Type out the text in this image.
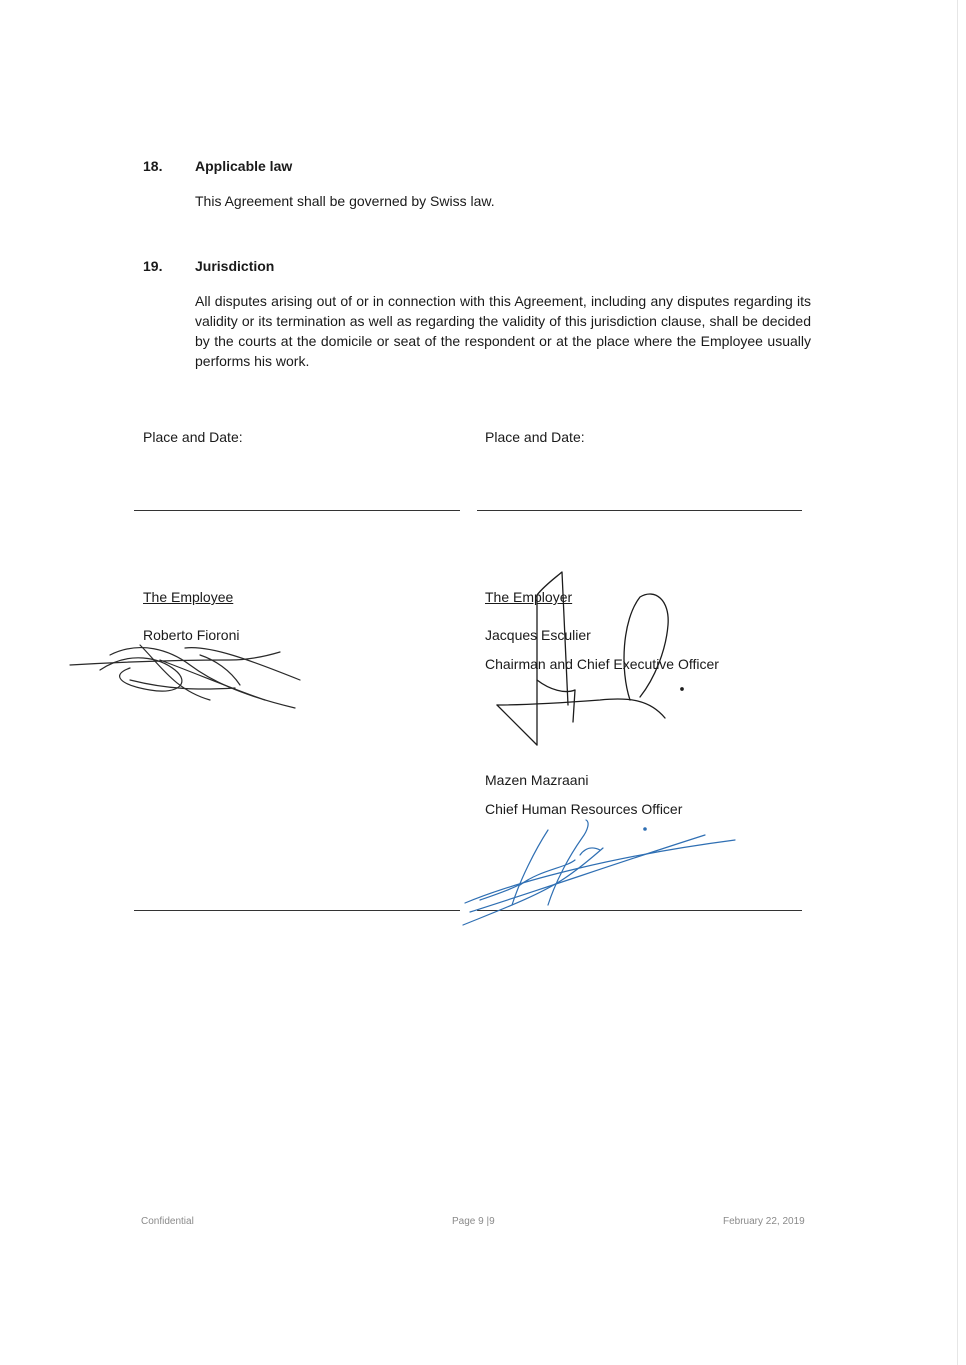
18. Applicable law
This Agreement shall be governed by Swiss law.
19. Jurisdiction
All disputes arising out of or in connection with this Agreement, including any disputes regarding its validity or its termination as well as regarding the validity of this jurisdiction clause, shall be decided by the courts at the domicile or seat of the respondent or at the place where the Employee usually performs his work.
Place and Date:	Place and Date:
The Employee
Roberto Fioroni
The Employer
Jacques Esculier
Chairman and Chief Executive Officer
Mazen Mazraani
Chief Human Resources Officer
Confidential	Page 9 |9	February 22, 2019
